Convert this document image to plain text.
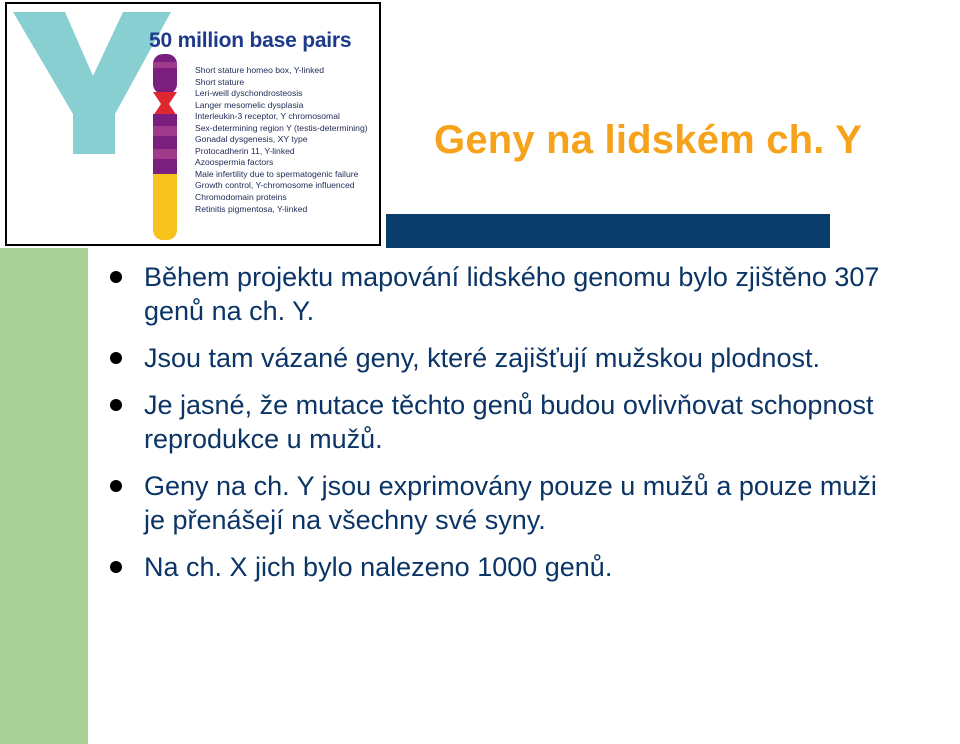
Geny na lidském ch. Y
50 million base pairs
Short stature homeo box, Y-linked
Short stature
Leri-weill dyschondrosteosis
Langer mesomelic dysplasia
Interleukin-3 receptor, Y chromosomal
Sex-determining region Y (testis-determining)
Gonadal dysgenesis, XY type
Protocadherin 11, Y-linked
Azoospermia factors
Male infertility due to spermatogenic failure
Growth control, Y-chromosome influenced
Chromodomain proteins
Retinitis pigmentosa, Y-linked
Během projektu mapování lidského genomu bylo zjištěno 307 genů na ch. Y.
Jsou tam vázané geny, které zajišťují mužskou plodnost.
Je jasné, že mutace těchto genů budou ovlivňovat schopnost reprodukce u mužů.
Geny na ch. Y jsou exprimovány pouze u mužů a pouze muži je přenášejí na všechny své syny.
Na ch. X jich bylo nalezeno 1000 genů.
